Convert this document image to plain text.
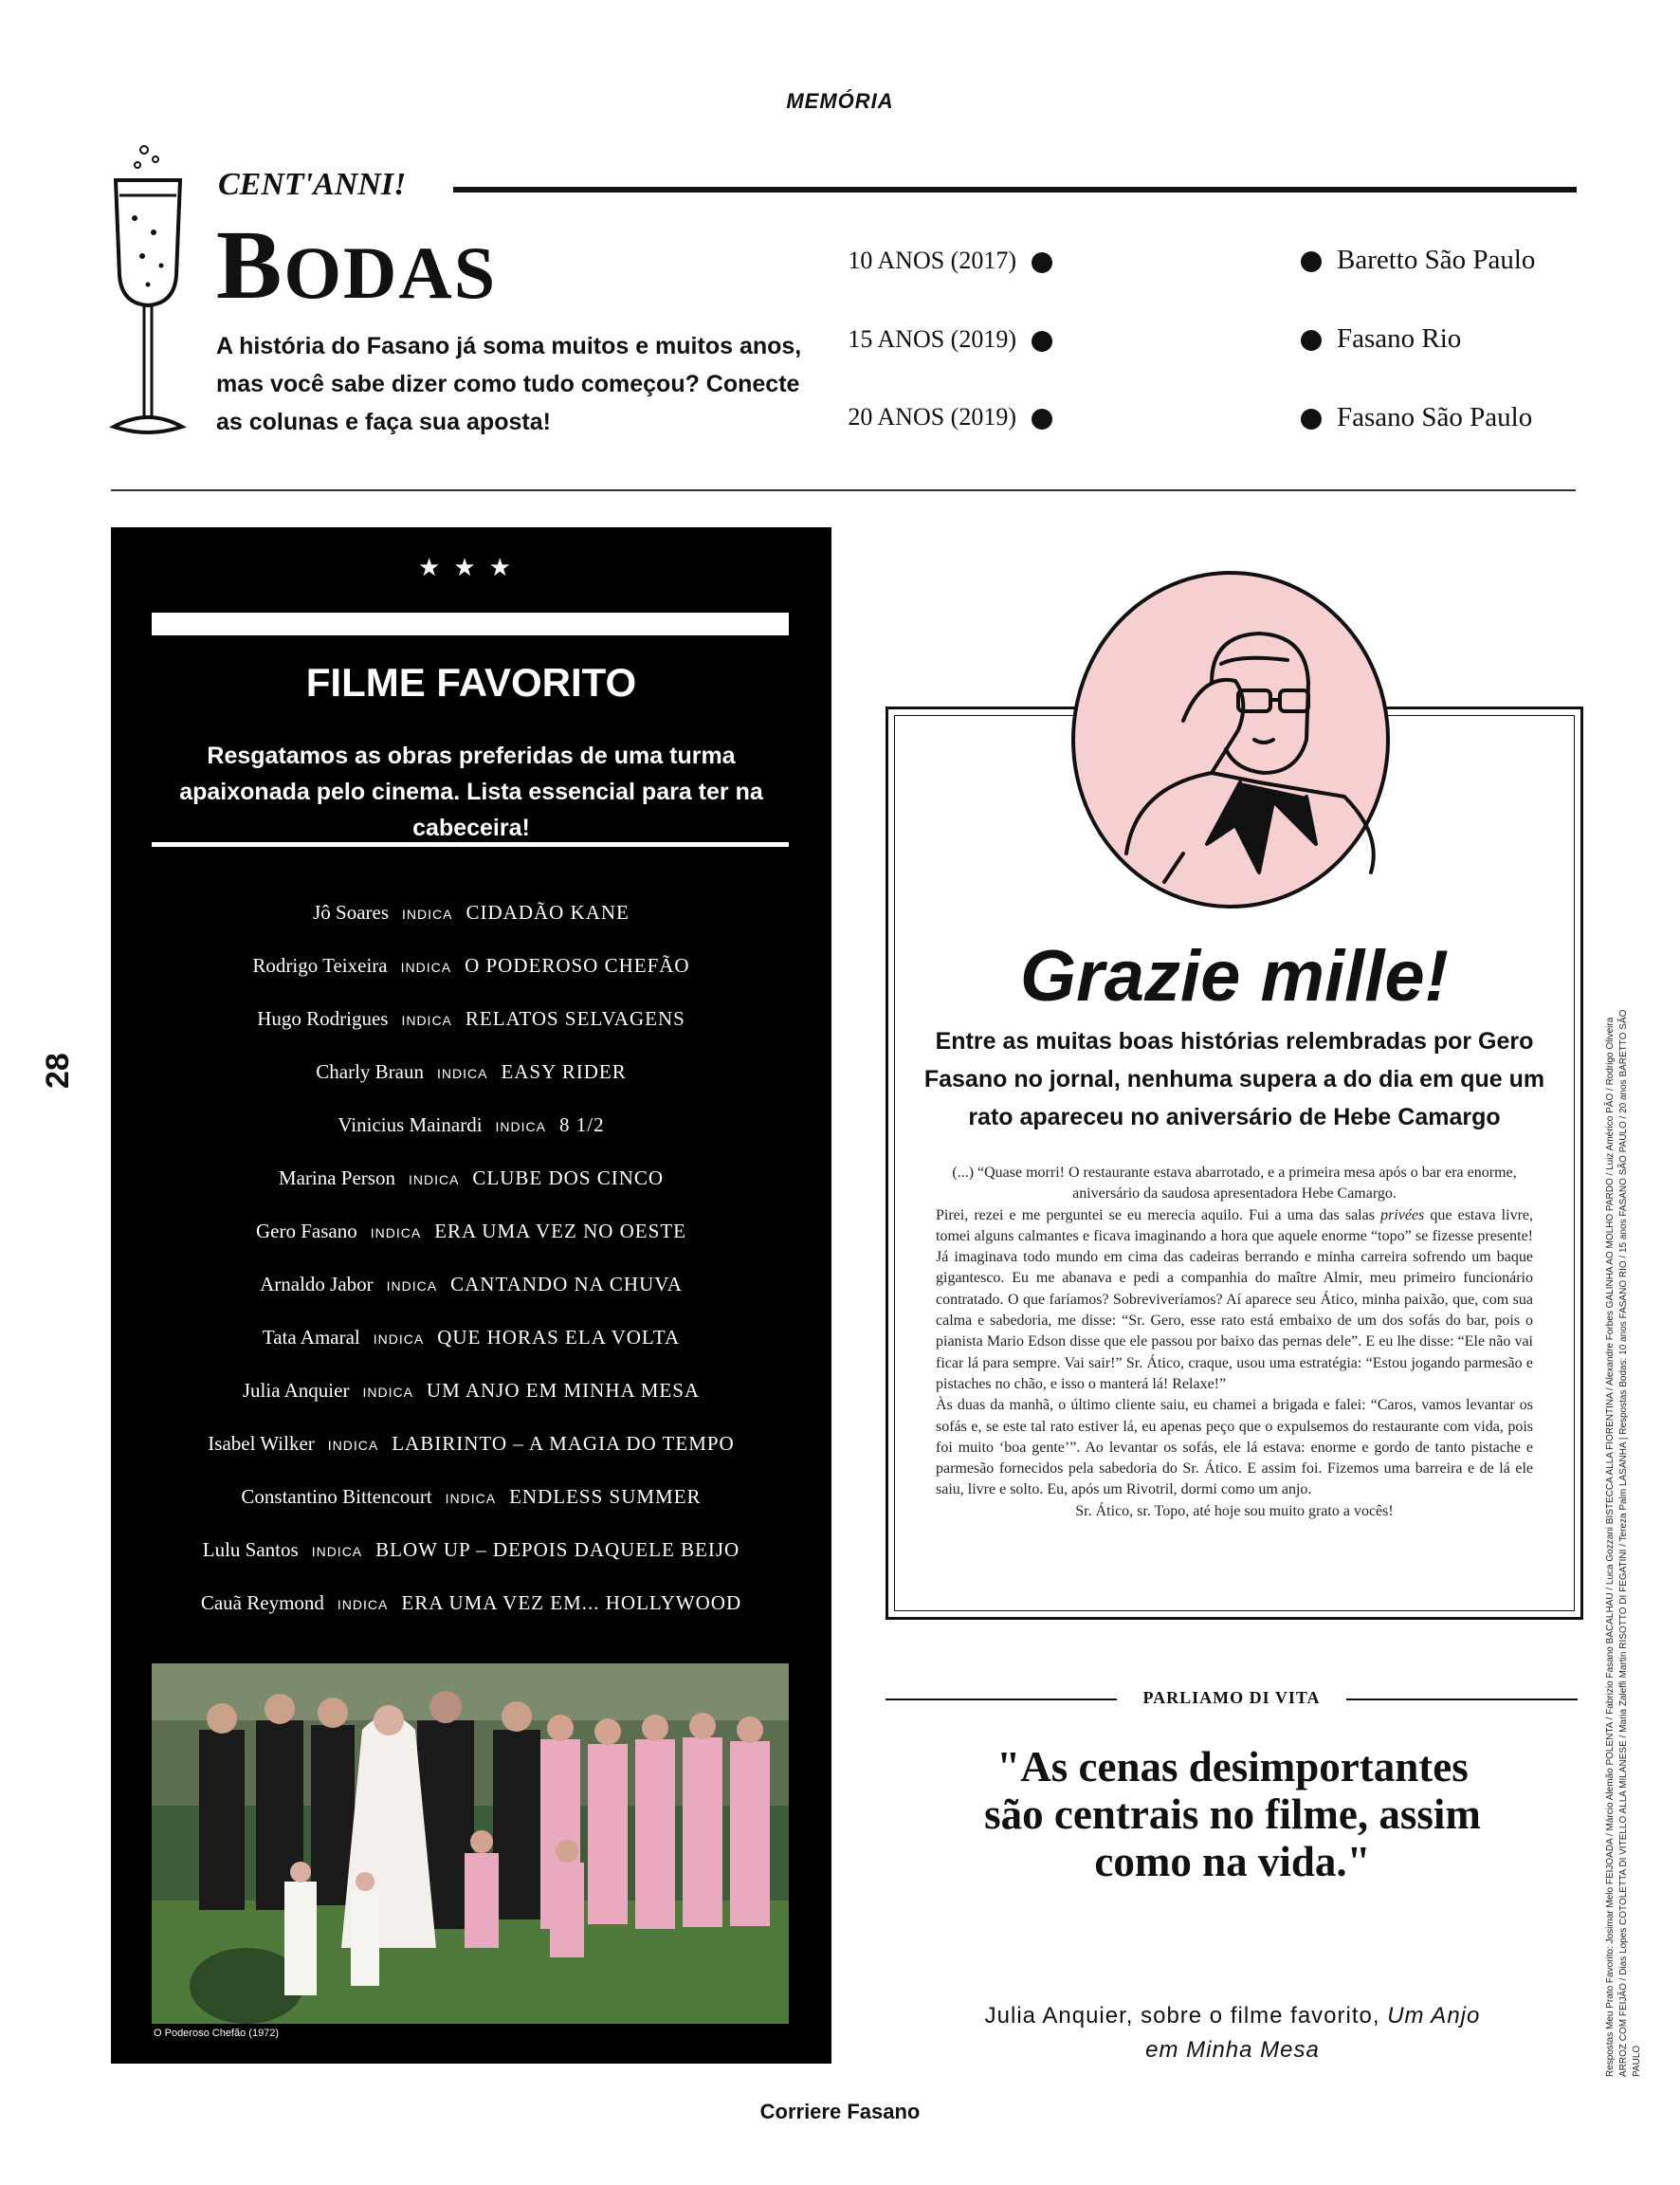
MEMÓRIA
CENT'ANNI!
BODAS
A história do Fasano já soma muitos e muitos anos, mas você sabe dizer como tudo começou? Conecte as colunas e faça sua aposta!
10 ANOS (2017)
15 ANOS (2019)
20 ANOS (2019)
Baretto São Paulo
Fasano Rio
Fasano São Paulo
★★★
FILME FAVORITO
Resgatamos as obras preferidas de uma turma apaixonada pelo cinema. Lista essencial para ter na cabeceira!
Jô Soares INDICA CIDADÃO KANE
Rodrigo Teixeira INDICA O PODEROSO CHEFÃO
Hugo Rodrigues INDICA RELATOS SELVAGENS
Charly Braun INDICA EASY RIDER
Vinicius Mainardi INDICA 8 1/2
Marina Person INDICA CLUBE DOS CINCO
Gero Fasano INDICA ERA UMA VEZ NO OESTE
Arnaldo Jabor INDICA CANTANDO NA CHUVA
Tata Amaral INDICA QUE HORAS ELA VOLTA
Julia Anquier INDICA UM ANJO EM MINHA MESA
Isabel Wilker INDICA LABIRINTO – A MAGIA DO TEMPO
Constantino Bittencourt INDICA ENDLESS SUMMER
Lulu Santos INDICA BLOW UP – DEPOIS DAQUELE BEIJO
Cauã Reymond INDICA ERA UMA VEZ EM... HOLLYWOOD
O Poderoso Chefão (1972)
28	Respostas Meu Prato Favorito: Josimar Melo FEIJOADA / Márcio Alemão POLENTA / Fabrizio Fasano BACALHAU / Luca Gozzani BISTECCA ALLA FIORENTINA / Alexandre Forbes GALINHA AO MOLHO PARDO / Luiz Américo PÃO / Rodrigo Oliveira ARROZ COM FEIJÃO / Dias Lopes COTOLETTA DI VITELLO ALLA MILANESE / Maria Zaleffi Martin RISOTTO DI FEGATINI / Tereza Palm LASANHA | Respostas Bodas: 10 anos FASANO RIO / 15 anos FASANO SÃO PAULO / 20 anos BARETTO SÃO PAULO
Grazie mille!
Entre as muitas boas histórias relembradas por Gero Fasano no jornal, nenhuma supera a do dia em que um rato apareceu no aniversário de Hebe Camargo

(...) “Quase morri! O restaurante estava abarrotado, e a primeira mesa após o bar era enorme, aniversário da saudosa apresentadora Hebe Camargo.

Pirei, rezei e me perguntei se eu merecia aquilo. Fui a uma das salas privées que estava livre, tomei alguns calmantes e ficava imaginando a hora que aquele enorme “topo” se fizesse presente! Já imaginava todo mundo em cima das cadeiras berrando e minha carreira sofrendo um baque gigantesco. Eu me abanava e pedi a companhia do maître Almir, meu primeiro funcionário contratado. O que faríamos? Sobreviveríamos? Aí aparece seu Ático, minha paixão, que, com sua calma e sabedoria, me disse: “Sr. Gero, esse rato está embaixo de um dos sofás do bar, pois o pianista Mario Edson disse que ele passou por baixo das pernas dele”. E eu lhe disse: “Ele não vai ficar lá para sempre. Vai sair!” Sr. Ático, craque, usou uma estratégia: “Estou jogando parmesão e pistaches no chão, e isso o manterá lá! Relaxe!”

Às duas da manhã, o último cliente saiu, eu chamei a brigada e falei: “Caros, vamos levantar os sofás e, se este tal rato estiver lá, eu apenas peço que o expulsemos do restaurante com vida, pois foi muito ‘boa gente’”. Ao levantar os sofás, ele lá estava: enorme e gordo de tanto pistache e parmesão fornecidos pela sabedoria do Sr. Ático. E assim foi. Fizemos uma barreira e de lá ele saiu, livre e solto. Eu, após um Rivotril, dormi como um anjo.

Sr. Ático, sr. Topo, até hoje sou muito grato a vocês!

PARLIAMO DI VITA
"As cenas desimportantes são centrais no filme, assim como na vida."
Julia Anquier, sobre o filme favorito, Um Anjo em Minha Mesa
Corriere Fasano
